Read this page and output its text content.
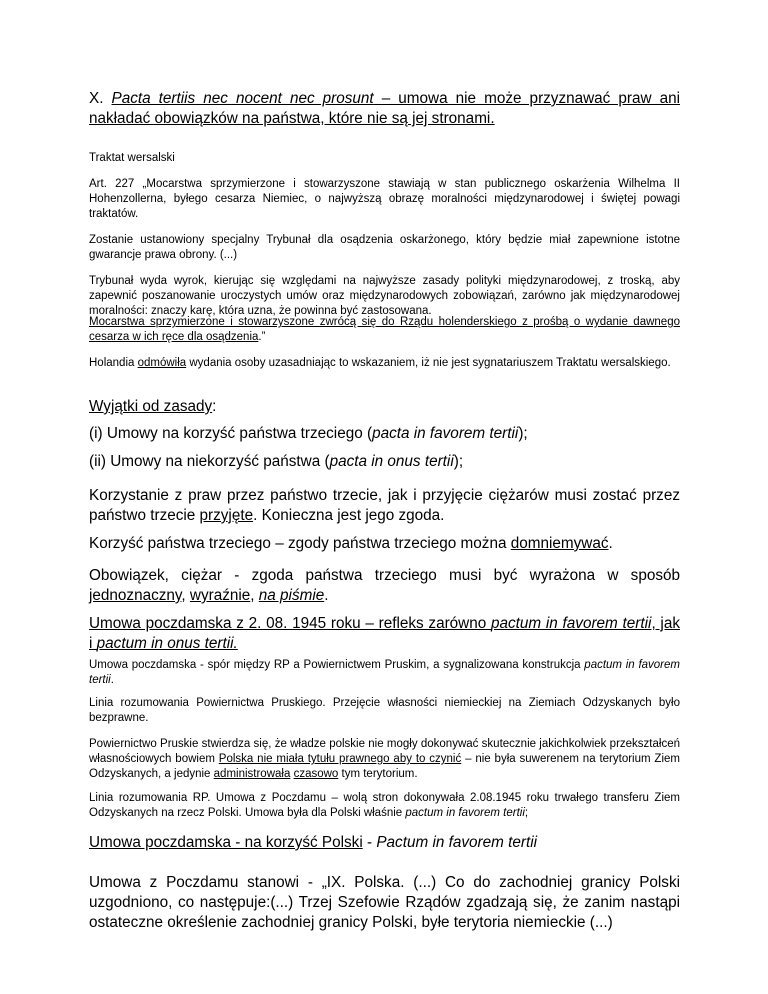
X. Pacta tertiis nec nocent nec prosunt – umowa nie może przyznawać praw ani nakładać obowiązków na państwa, które nie są jej stronami.

Traktat wersalski

Art. 227 „Mocarstwa sprzymierzone i stowarzyszone stawiają w stan publicznego oskarżenia Wilhelma II Hohenzollerna, byłego cesarza Niemiec, o najwyższą obrazę moralności międzynarodowej i świętej powagi traktatów.

Zostanie ustanowiony specjalny Trybunał dla osądzenia oskarżonego, który będzie miał zapewnione istotne gwarancje prawa obrony. (...)

Trybunał wyda wyrok, kierując się względami na najwyższe zasady polityki międzynarodowej, z troską, aby zapewnić poszanowanie uroczystych umów oraz międzynarodowych zobowiązań, zarówno jak międzynarodowej moralności: znaczy karę, która uzna, że powinna być zastosowana.

Mocarstwa sprzymierzone i stowarzyszone zwrócą się do Rządu holenderskiego z prośbą o wydanie dawnego cesarza w ich ręce dla osądzenia.”

Holandia odmówiła wydania osoby uzasadniając to wskazaniem, iż nie jest sygnatariuszem Traktatu wersalskiego.

Wyjątki od zasady:

(i) Umowy na korzyść państwa trzeciego (pacta in favorem tertii);

(ii) Umowy na niekorzyść państwa (pacta in onus tertii);

Korzystanie z praw przez państwo trzecie, jak i przyjęcie ciężarów musi zostać przez państwo trzecie przyjęte. Konieczna jest jego zgoda.

Korzyść państwa trzeciego – zgody państwa trzeciego można domniemywać.

Obowiązek, ciężar - zgoda państwa trzeciego musi być wyrażona w sposób jednoznaczny, wyraźnie, na piśmie.

Umowa poczdamska z 2. 08. 1945 roku – refleks zarówno pactum in favorem tertii, jak i pactum in onus tertii.

Umowa poczdamska - spór między RP a Powiernictwem Pruskim, a sygnalizowana konstrukcja pactum in favorem tertii.

Linia rozumowania Powiernictwa Pruskiego. Przejęcie własności niemieckiej na Ziemiach Odzyskanych było bezprawne.

Powiernictwo Pruskie stwierdza się, że władze polskie nie mogły dokonywać skutecznie jakichkolwiek przekształceń własnościowych bowiem Polska nie miała tytułu prawnego aby to czynić – nie była suwerenem na terytorium Ziem Odzyskanych, a jedynie administrowała czasowo tym terytorium.

Linia rozumowania RP. Umowa z Poczdamu – wolą stron dokonywała 2.08.1945 roku trwałego transferu Ziem Odzyskanych na rzecz Polski. Umowa była dla Polski właśnie pactum in favorem tertii;

Umowa poczdamska - na korzyść Polski - Pactum in favorem tertii

Umowa z Poczdamu stanowi - „IX. Polska. (...) Co do zachodniej granicy Polski uzgodniono, co następuje:(...) Trzej Szefowie Rządów zgadzają się, że zanim nastąpi ostateczne określenie zachodniej granicy Polski, byłe terytoria niemieckie (...)
